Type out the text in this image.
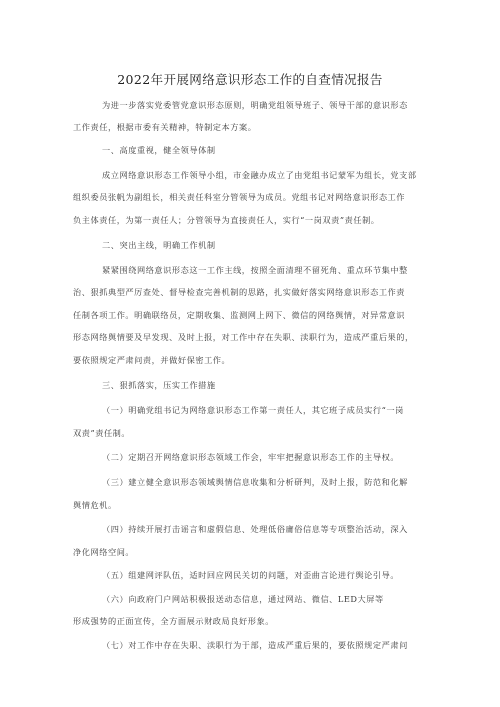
2022年开展网络意识形态工作的自查情况报告
为进一步落实党委管党意识形态原则，明确党组领导班子、领导干部的意识形态
工作责任，根据市委有关精神，特制定本方案。
一、高度重视，健全领导体制
成立网络意识形态工作领导小组，市金融办成立了由党组书记蒙军为组长，党支部
组织委员张帆为副组长，相关责任科室分管领导为成员。党组书记对网络意识形态工作
负主体责任，为第一责任人；分管领导为直接责任人，实行“一岗双责”责任制。
二、突出主线，明确工作机制
紧紧围绕网络意识形态这一工作主线，按照全面清理不留死角、重点环节集中整
治、狠抓典型严厉查处、督导检查完善机制的思路，扎实做好落实网络意识形态工作责
任制各项工作。明确联络员，定期收集、监测网上网下、微信的网络舆情，对异常意识
形态网络舆情要及早发现、及时上报，对工作中存在失职、渎职行为，造成严重后果的，
要依照规定严肃问责，并做好保密工作。
三、狠抓落实，压实工作措施
（一）明确党组书记为网络意识形态工作第一责任人，其它班子成员实行“一岗
双责”责任制。
（二）定期召开网络意识形态领域工作会，牢牢把握意识形态工作的主导权。
（三）建立健全意识形态领域舆情信息收集和分析研判，及时上报，防范和化解
舆情危机。
（四）持续开展打击谣言和虚假信息、处理低俗庸俗信息等专项整治活动，深入
净化网络空间。
（五）组建网评队伍，适时回应网民关切的问题，对歪曲言论进行舆论引导。
（六）向政府门户网站积极报送动态信息，通过网站、微信、LED大屏等
形成强势的正面宣传，全方面展示财政局良好形象。
（七）对工作中存在失职、渎职行为于部，造成严重后果的，要依照规定严肃问
